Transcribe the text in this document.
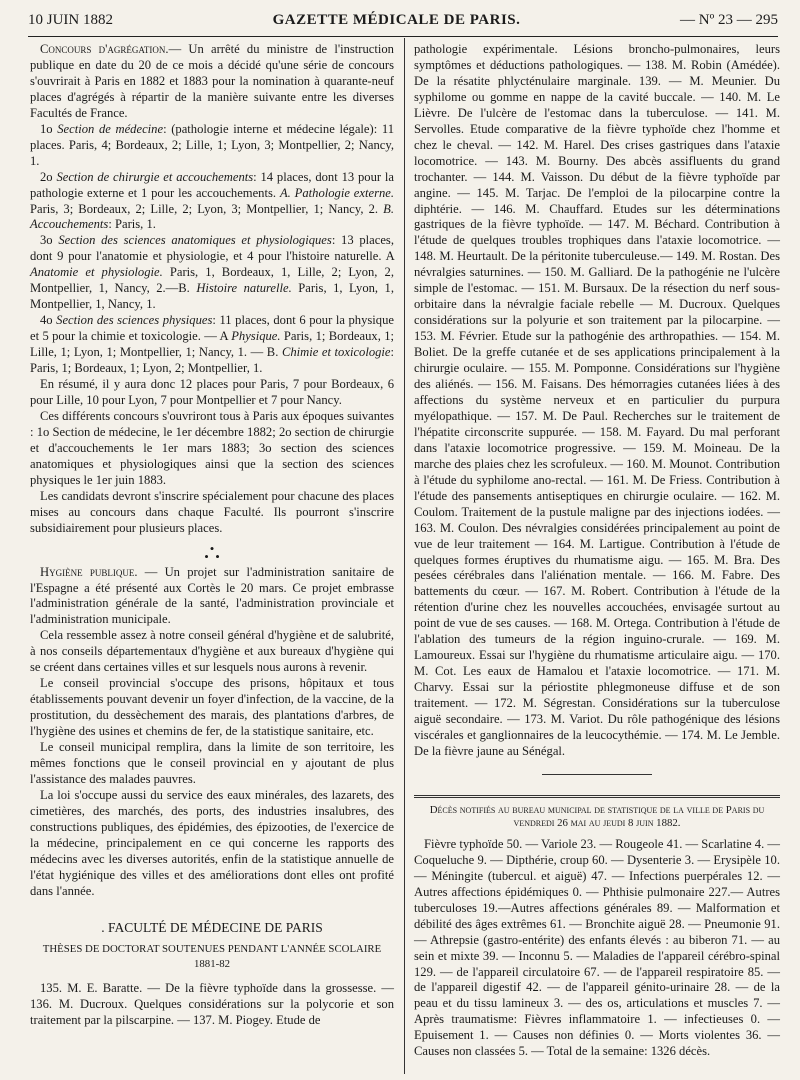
10 JUIN 1882	GAZETTE MÉDICALE DE PARIS.	— Nº 23 — 295

Concours d'agrégation.— Un arrêté du ministre de l'instruction publique en date du 20 de ce mois a décidé qu'une série de concours s'ouvrirait à Paris en 1882 et 1883 pour la nomination à quarante-neuf places d'agrégés à répartir de la manière suivante entre les diverses Facultés de France.

1o Section de médecine: (pathologie interne et médecine légale): 11 places. Paris, 4; Bordeaux, 2; Lille, 1; Lyon, 3; Montpellier, 2; Nancy, 1.

2o Section de chirurgie et accouchements: 14 places, dont 13 pour la pathologie externe et 1 pour les accouchements. A. Pathologie externe. Paris, 3; Bordeaux, 2; Lille, 2; Lyon, 3; Montpellier, 1; Nancy, 2. B. Accouchements: Paris, 1.

3o Section des sciences anatomiques et physiologiques: 13 places, dont 9 pour l'anatomie et physiologie, et 4 pour l'histoire naturelle. A Anatomie et physiologie. Paris, 1, Bordeaux, 1, Lille, 2; Lyon, 2, Montpellier, 1, Nancy, 2.—B. Histoire naturelle. Paris, 1, Lyon, 1, Montpellier, 1, Nancy, 1.

4o Section des sciences physiques: 11 places, dont 6 pour la physique et 5 pour la chimie et toxicologie. — A Physique. Paris, 1; Bordeaux, 1; Lille, 1; Lyon, 1; Montpellier, 1; Nancy, 1. — B. Chimie et toxicologie: Paris, 1; Bordeaux, 1; Lyon, 2; Montpellier, 1.

En résumé, il y aura donc 12 places pour Paris, 7 pour Bordeaux, 6 pour Lille, 10 pour Lyon, 7 pour Montpellier et 7 pour Nancy.

Ces différents concours s'ouvriront tous à Paris aux époques suivantes : 1o Section de médecine, le 1er décembre 1882; 2o section de chirurgie et d'accouchements le 1er mars 1883; 3o section des sciences anatomiques et physiologiques ainsi que la section des sciences physiques le 1er juin 1883.

Les candidats devront s'inscrire spécialement pour chacune des places mises au concours dans chaque Faculté. Ils pourront s'inscrire subsidiairement pour plusieurs places.

•
•  •

Hygiène publique. — Un projet sur l'administration sanitaire de l'Espagne a été présenté aux Cortès le 20 mars. Ce projet embrasse l'administration générale de la santé, l'administration provinciale et l'administration municipale.

Cela ressemble assez à notre conseil général d'hygiène et de salubrité, à nos conseils départementaux d'hygiène et aux bureaux d'hygiène qui se créent dans certaines villes et sur lesquels nous aurons à revenir.

Le conseil provincial s'occupe des prisons, hôpitaux et tous établissements pouvant devenir un foyer d'infection, de la vaccine, de la prostitution, du dessèchement des marais, des plantations d'arbres, de l'hygiène des usines et chemins de fer, de la statistique sanitaire, etc.

Le conseil municipal remplira, dans la limite de son territoire, les mêmes fonctions que le conseil provincial en y ajoutant de plus l'assistance des malades pauvres.

La loi s'occupe aussi du service des eaux minérales, des lazarets, des cimetières, des marchés, des ports, des industries insalubres, des constructions publiques, des épidémies, des épizooties, de l'exercice de la médecine, principalement en ce qui concerne les rapports des médecins avec les diverses autorités, enfin de la statistique annuelle de l'état hygiénique des villes et des améliorations dont elles ont profité dans l'année.

. FACULTÉ DE MÉDECINE DE PARIS
THÈSES DE DOCTORAT SOUTENUES PENDANT L'ANNÉE SCOLAIRE 1881-82

135. M. E. Baratte. — De la fièvre typhoïde dans la grossesse. — 136. M. Ducroux. Quelques considérations sur la polycorie et son traitement par la pilscarpine. — 137. M. Piogey. Etude de

pathologie expérimentale. Lésions broncho-pulmonaires, leurs symptômes et déductions pathologiques. — 138. M. Robin (Amédée). De la résatite phlycténulaire marginale. 139. — M. Meunier. Du syphilome ou gomme en nappe de la cavité buccale. — 140. M. Le Lièvre. De l'ulcère de l'estomac dans la tuberculose. — 141. M. Servolles. Etude comparative de la fièvre typhoïde chez l'homme et chez le cheval. — 142. M. Harel. Des crises gastriques dans l'ataxie locomotrice. — 143. M. Bourny. Des abcès assifluents du grand trochanter. — 144. M. Vaisson. Du début de la fièvre typhoïde par angine. — 145. M. Tarjac. De l'emploi de la pilocarpine contre la diphtérie. — 146. M. Chauffard. Etudes sur les déterminations gastriques de la fièvre typhoïde. — 147. M. Béchard. Contribution à l'étude de quelques troubles trophiques dans l'ataxie locomotrice. — 148. M. Heurtault. De la péritonite tuberculeuse.— 149. M. Rostan. Des névralgies saturnines. — 150. M. Galliard. De la pathogénie ne l'ulcère simple de l'estomac. — 151. M. Bursaux. De la résection du nerf sous-orbitaire dans la névralgie faciale rebelle — M. Ducroux. Quelques considérations sur la polyurie et son traitement par la pilocarpine. — 153. M. Février. Etude sur la pathogénie des arthropathies. — 154. M. Boliet. De la greffe cutanée et de ses applications principalement à la chirurgie oculaire. — 155. M. Pomponne. Considérations sur l'hygiène des aliénés. — 156. M. Faisans. Des hémorragies cutanées liées à des affections du système nerveux et en particulier du purpura myélopathique. — 157. M. De Paul. Recherches sur le traitement de l'hépatite circonscrite suppurée. — 158. M. Fayard. Du mal perforant dans l'ataxie locomotrice progressive. — 159. M. Moineau. De la marche des plaies chez les scrofuleux. — 160. M. Mounot. Contribution à l'étude du syphilome ano-rectal. — 161. M. De Friess. Contribution à l'étude des pansements antiseptiques en chirurgie oculaire. — 162. M. Coulom. Traitement de la pustule maligne par des injections iodées. — 163. M. Coulon. Des névralgies considérées principalement au point de vue de leur traitement — 164. M. Lartigue. Contribution à l'étude de quelques formes éruptives du rhumatisme aigu. — 165. M. Bra. Des pesées cérébrales dans l'aliénation mentale. — 166. M. Fabre. Des battements du cœur. — 167. M. Robert. Contribution à l'étude de la rétention d'urine chez les nouvelles accouchées, envisagée surtout au point de vue de ses causes. — 168. M. Ortega. Contribution à l'étude de l'ablation des tumeurs de la région inguino-crurale. — 169. M. Lamoureux. Essai sur l'hygiène du rhumatisme articulaire aigu. — 170. M. Cot. Les eaux de Hamalou et l'ataxie locomotrice. — 171. M. Charvy. Essai sur la périostite phlegmoneuse diffuse et de son traitement. — 172. M. Ségrestan. Considérations sur la tuberculose aiguë secondaire. — 173. M. Variot. Du rôle pathogénique des lésions viscérales et ganglionnaires de la leucocythémie. — 174. M. Le Jemble. De la fièvre jaune au Sénégal.

Décès notifiés au bureau municipal de statistique de la ville de Paris du vendredi 26 mai au jeudi 8 juin 1882.

Fièvre typhoïde 50. — Variole 23. — Rougeole 41. — Scarlatine 4. — Coqueluche 9. — Dipthérie, croup 60. — Dysenterie 3. — Erysipèle 10. — Méningite (tubercul. et aiguë) 47. — Infections puerpérales 12. — Autres affections épidémiques 0. — Phthisie pulmonaire 227.— Autres tuberculoses 19.—Autres affections générales 89. — Malformation et débilité des âges extrêmes 61. — Bronchite aiguë 28. — Pneumonie 91. — Athrepsie (gastro-entérite) des enfants élevés : au biberon 71. — au sein et mixte 39. — Inconnu 5. — Maladies de l'appareil cérébro-spinal 129. — de l'appareil circulatoire 67. — de l'appareil respiratoire 85. — de l'appareil digestif 42. — de l'appareil génito-urinaire 28. — de la peau et du tissu lamineux 3. — des os, articulations et muscles 7. — Après traumatisme: Fièvres inflammatoire 1. — infectieuses 0. — Epuisement 1. — Causes non définies 0. — Morts violentes 36. — Causes non classées 5. — Total de la semaine: 1326 décès.
